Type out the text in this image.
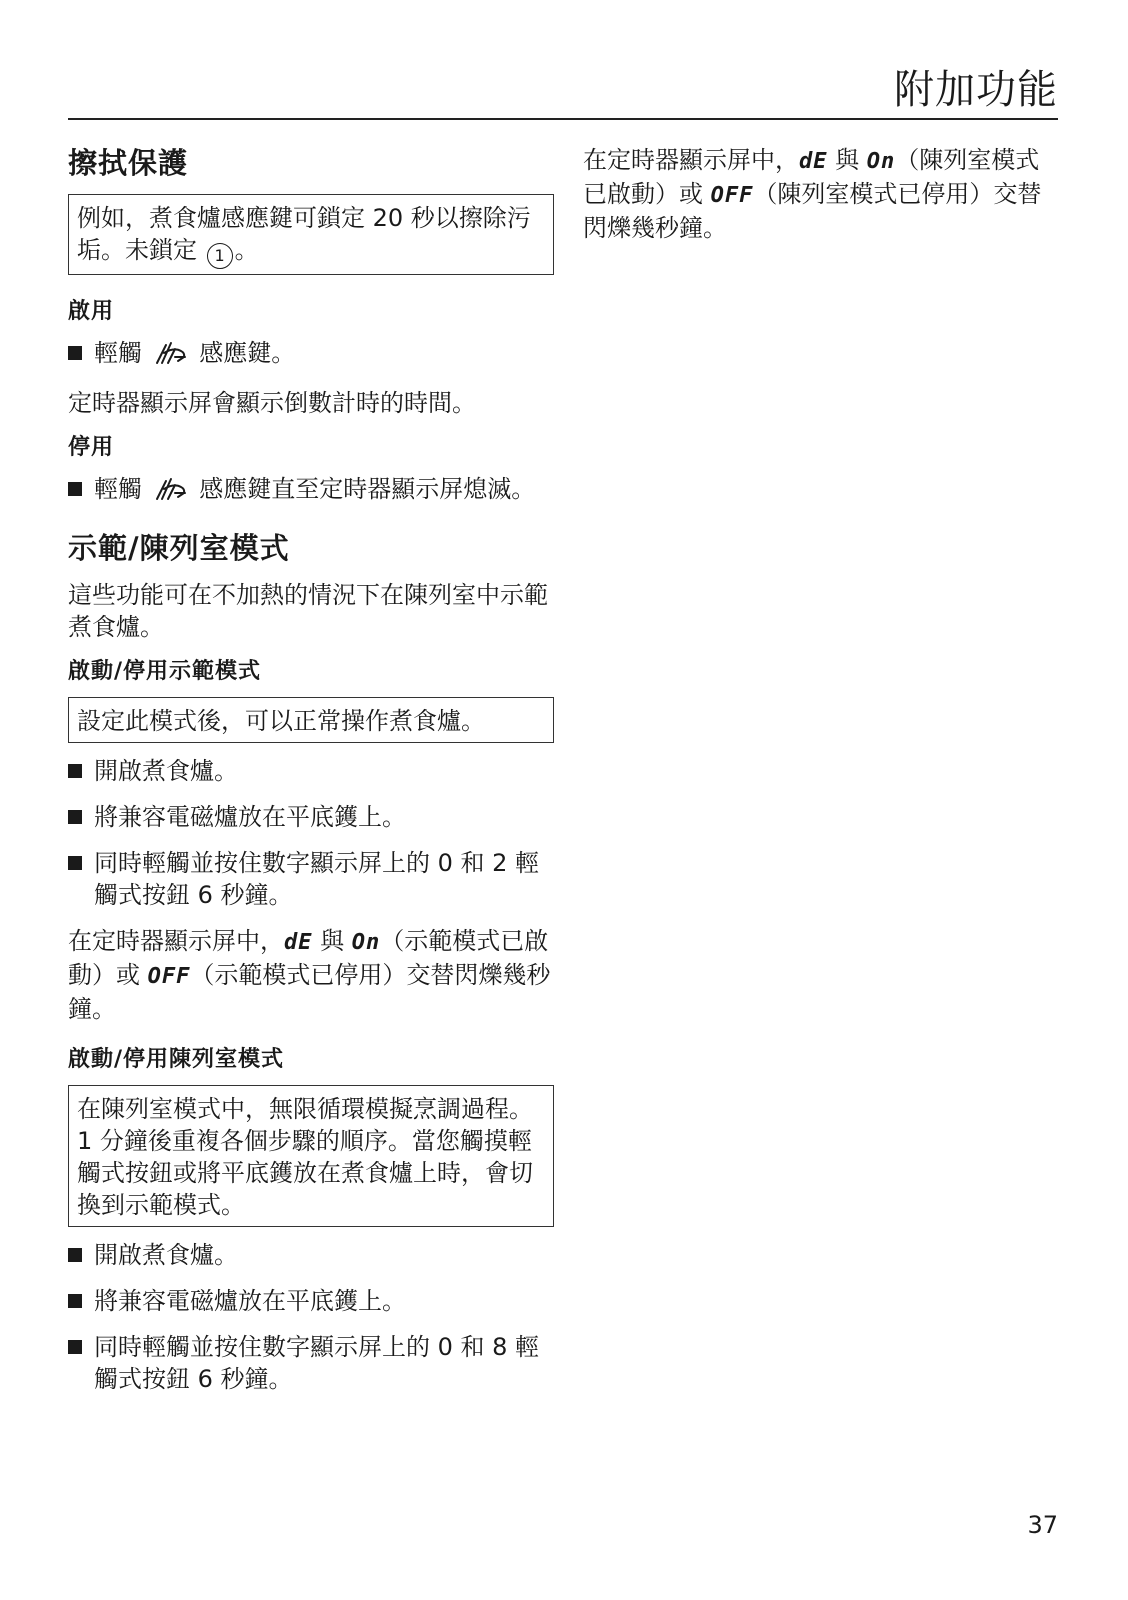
附加功能
擦拭保護
例如，煮食爐感應鍵可鎖定 20 秒以擦除污垢。未鎖定 1 。
啟用
輕觸 感應鍵。
定時器顯示屏會顯示倒數計時的時間。
停用
輕觸 感應鍵直至定時器顯示屏熄滅。
示範/陳列室模式
這些功能可在不加熱的情況下在陳列室中示範煮食爐。
啟動/停用示範模式
設定此模式後，可以正常操作煮食爐。
開啟煮食爐。
將兼容電磁爐放在平底鑊上。
同時輕觸並按住數字顯示屏上的 0 和 2 輕觸式按鈕 6 秒鐘。
在定時器顯示屏中，dE 與 On（示範模式已啟動）或 OFF（示範模式已停用）交替閃爍幾秒鐘。
啟動/停用陳列室模式
在陳列室模式中，無限循環模擬烹調過程。1 分鐘後重複各個步驟的順序。當您觸摸輕觸式按鈕或將平底鑊放在煮食爐上時，會切換到示範模式。
開啟煮食爐。
將兼容電磁爐放在平底鑊上。
同時輕觸並按住數字顯示屏上的 0 和 8 輕觸式按鈕 6 秒鐘。
在定時器顯示屏中，dE 與 On（陳列室模式已啟動）或 OFF（陳列室模式已停用）交替閃爍幾秒鐘。
37
